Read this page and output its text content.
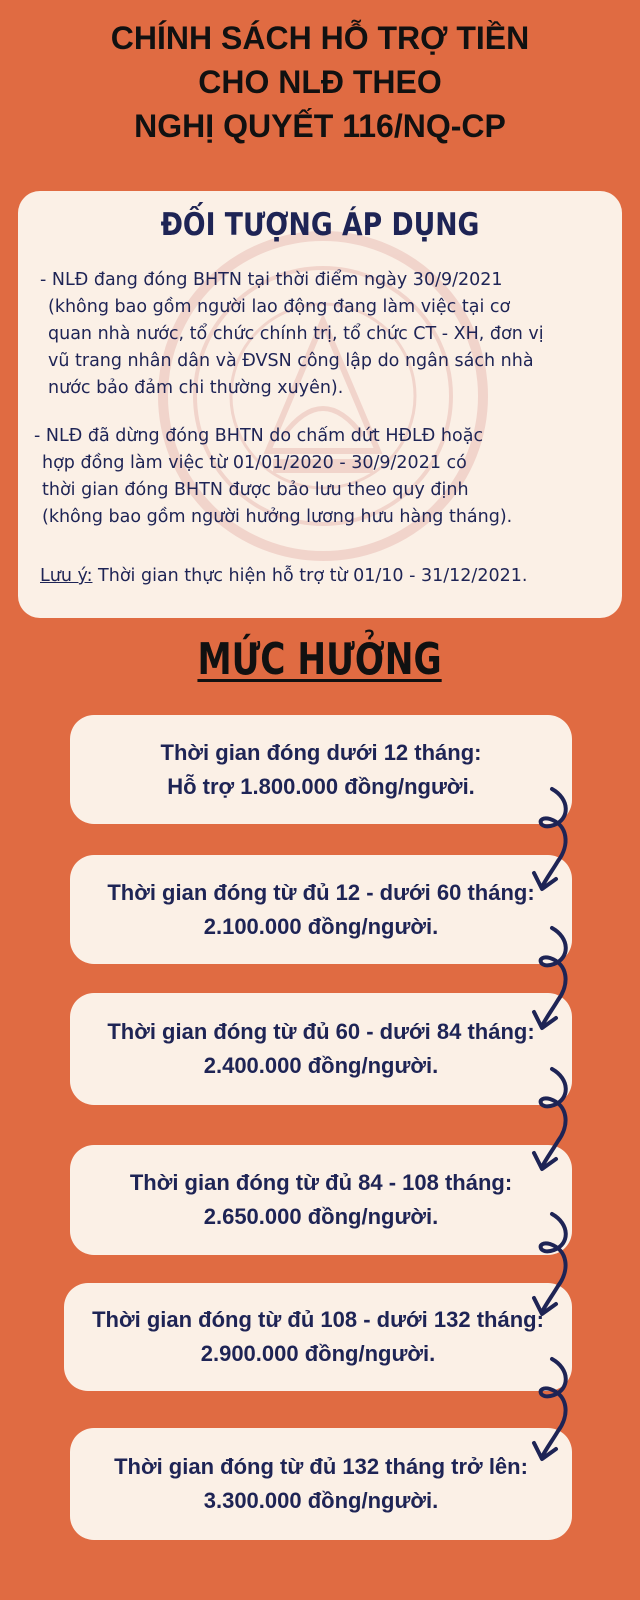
CHÍNH SÁCH HỖ TRỢ TIỀN
CHO NLĐ THEO
NGHỊ QUYẾT 116/NQ-CP
ĐỐI TƯỢNG ÁP DỤNG
- NLĐ đang đóng BHTN tại thời điểm ngày 30/9/2021
(không bao gồm người lao động đang làm việc tại cơ
quan nhà nước, tổ chức chính trị, tổ chức CT - XH, đơn vị
vũ trang nhân dân và ĐVSN công lập do ngân sách nhà
nước bảo đảm chi thường xuyên).
- NLĐ đã dừng đóng BHTN do chấm dứt HĐLĐ hoặc
hợp đồng làm việc từ 01/01/2020 - 30/9/2021 có
thời gian đóng BHTN được bảo lưu theo quy định
(không bao gồm người hưởng lương hưu hàng tháng).
Lưu ý: Thời gian thực hiện hỗ trợ từ 01/10 - 31/12/2021.
MỨC HƯỞNG
Thời gian đóng dưới 12 tháng:
Hỗ trợ 1.800.000 đồng/người.
Thời gian đóng từ đủ 12 - dưới 60 tháng:
2.100.000 đồng/người.
Thời gian đóng từ đủ 60 - dưới 84 tháng:
2.400.000 đồng/người.
Thời gian đóng từ đủ 84 - 108 tháng:
2.650.000 đồng/người.
Thời gian đóng từ đủ 108 - dưới 132 tháng:
2.900.000 đồng/người.
Thời gian đóng từ đủ 132 tháng trở lên:
3.300.000 đồng/người.
